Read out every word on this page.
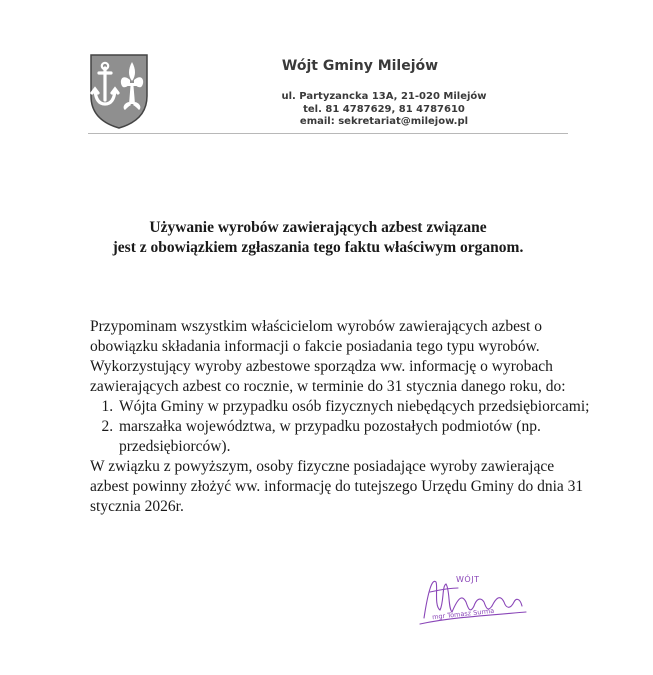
Wójt Gminy Milejów
ul. Partyzancka 13A, 21-020 Milejów
tel. 81 4787629, 81 4787610
email: sekretariat@milejow.pl
Używanie wyrobów zawierających azbest związane
jest z obowiązkiem zgłaszania tego faktu właściwym organom.

Przypominam wszystkim właścicielom wyrobów zawierających azbest o obowiązku składania informacji o fakcie posiadania tego typu wyrobów.

Wykorzystujący wyroby azbestowe sporządza ww. informację o wyrobach zawierających azbest co rocznie, w terminie do 31 stycznia danego roku, do:

1. Wójta Gminy w przypadku osób fizycznych niebędących przedsiębiorcami;
2. marszałka województwa, w przypadku pozostałych podmiotów (np. przedsiębiorców).

W związku z powyższym, osoby fizyczne posiadające wyroby zawierające azbest powinny złożyć ww. informację do tutejszego Urzędu Gminy do dnia 31 stycznia 2026r.

WÓJT
mgr Tomasz Surma
